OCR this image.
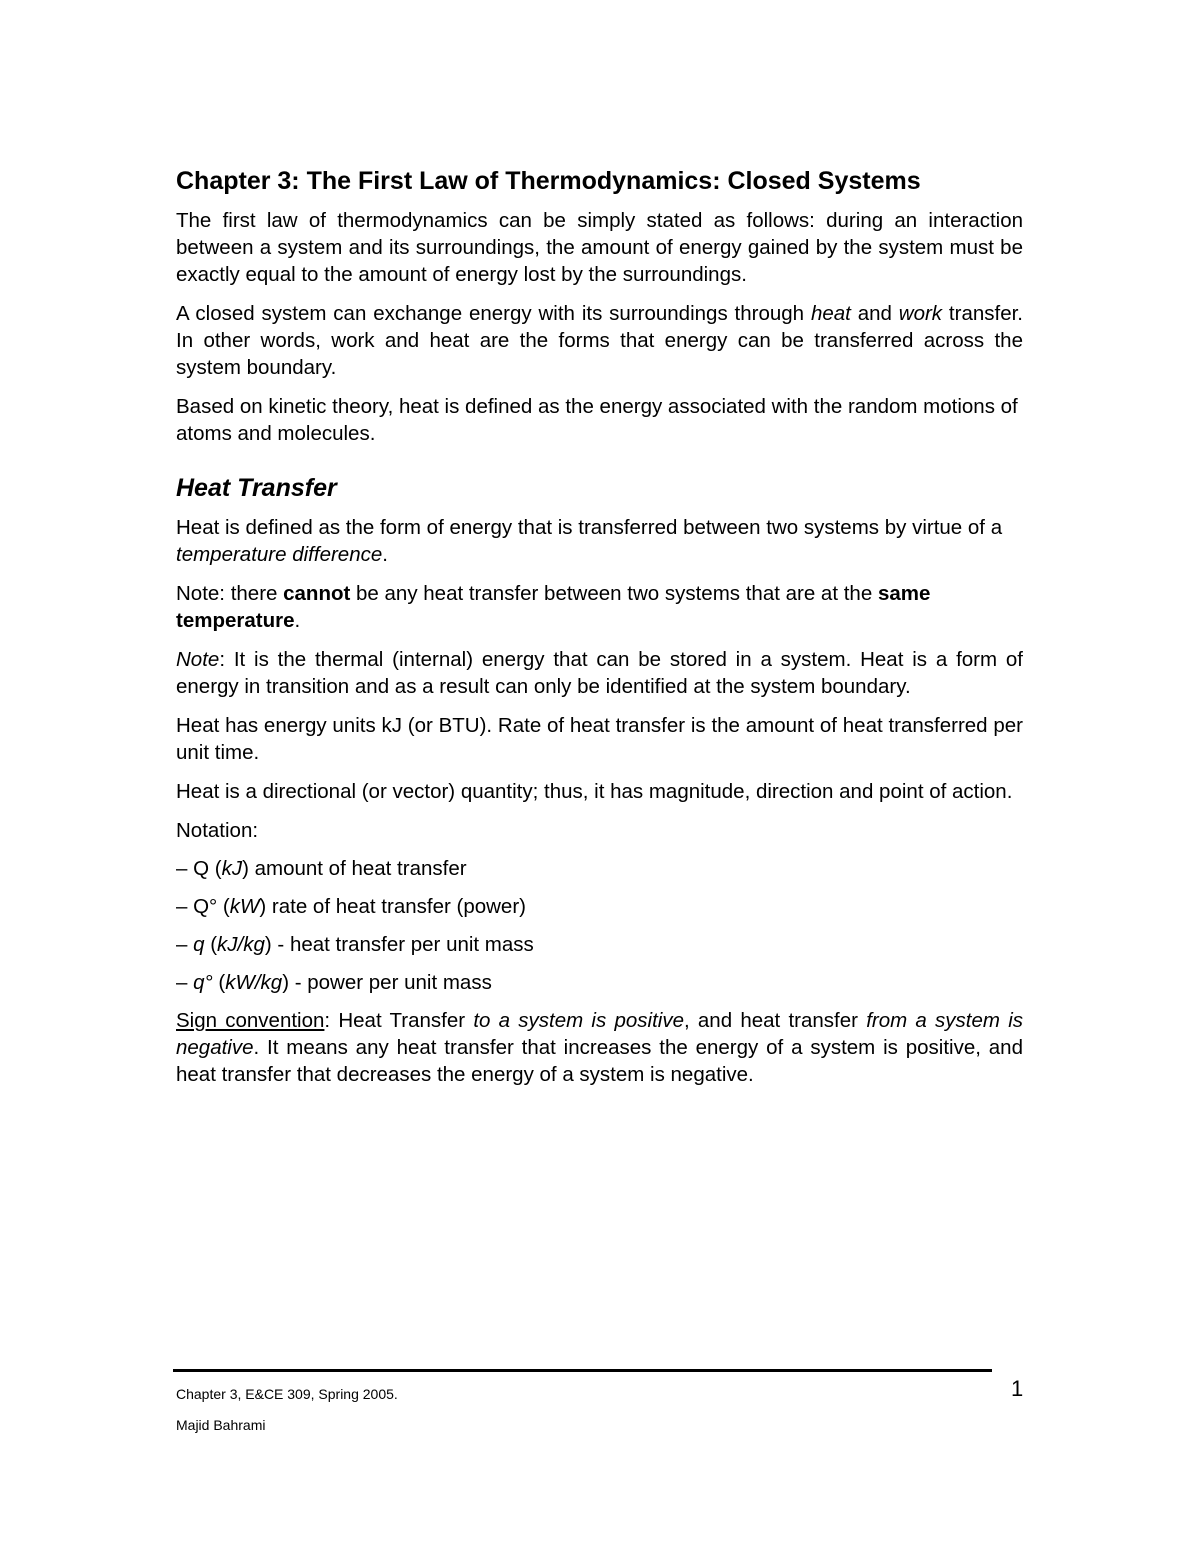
Chapter 3: The First Law of Thermodynamics: Closed Systems

The first law of thermodynamics can be simply stated as follows: during an interaction between a system and its surroundings, the amount of energy gained by the system must be exactly equal to the amount of energy lost by the surroundings.

A closed system can exchange energy with its surroundings through heat and work transfer. In other words, work and heat are the forms that energy can be transferred across the system boundary.

Based on kinetic theory, heat is defined as the energy associated with the random motions of atoms and molecules.

Heat Transfer

Heat is defined as the form of energy that is transferred between two systems by virtue of a temperature difference.

Note: there cannot be any heat transfer between two systems that are at the same temperature.

Note: It is the thermal (internal) energy that can be stored in a system. Heat is a form of energy in transition and as a result can only be identified at the system boundary.

Heat has energy units kJ (or BTU). Rate of heat transfer is the amount of heat transferred per unit time.

Heat is a directional (or vector) quantity; thus, it has magnitude, direction and point of action.

Notation:

– Q (kJ) amount of heat transfer

– Q° (kW) rate of heat transfer (power)

– q (kJ/kg) - heat transfer per unit mass

– q° (kW/kg) - power per unit mass

Sign convention: Heat Transfer to a system is positive, and heat transfer from a system is negative. It means any heat transfer that increases the energy of a system is positive, and heat transfer that decreases the energy of a system is negative.

Chapter 3, E&CE 309, Spring 2005.	1
Majid Bahrami
